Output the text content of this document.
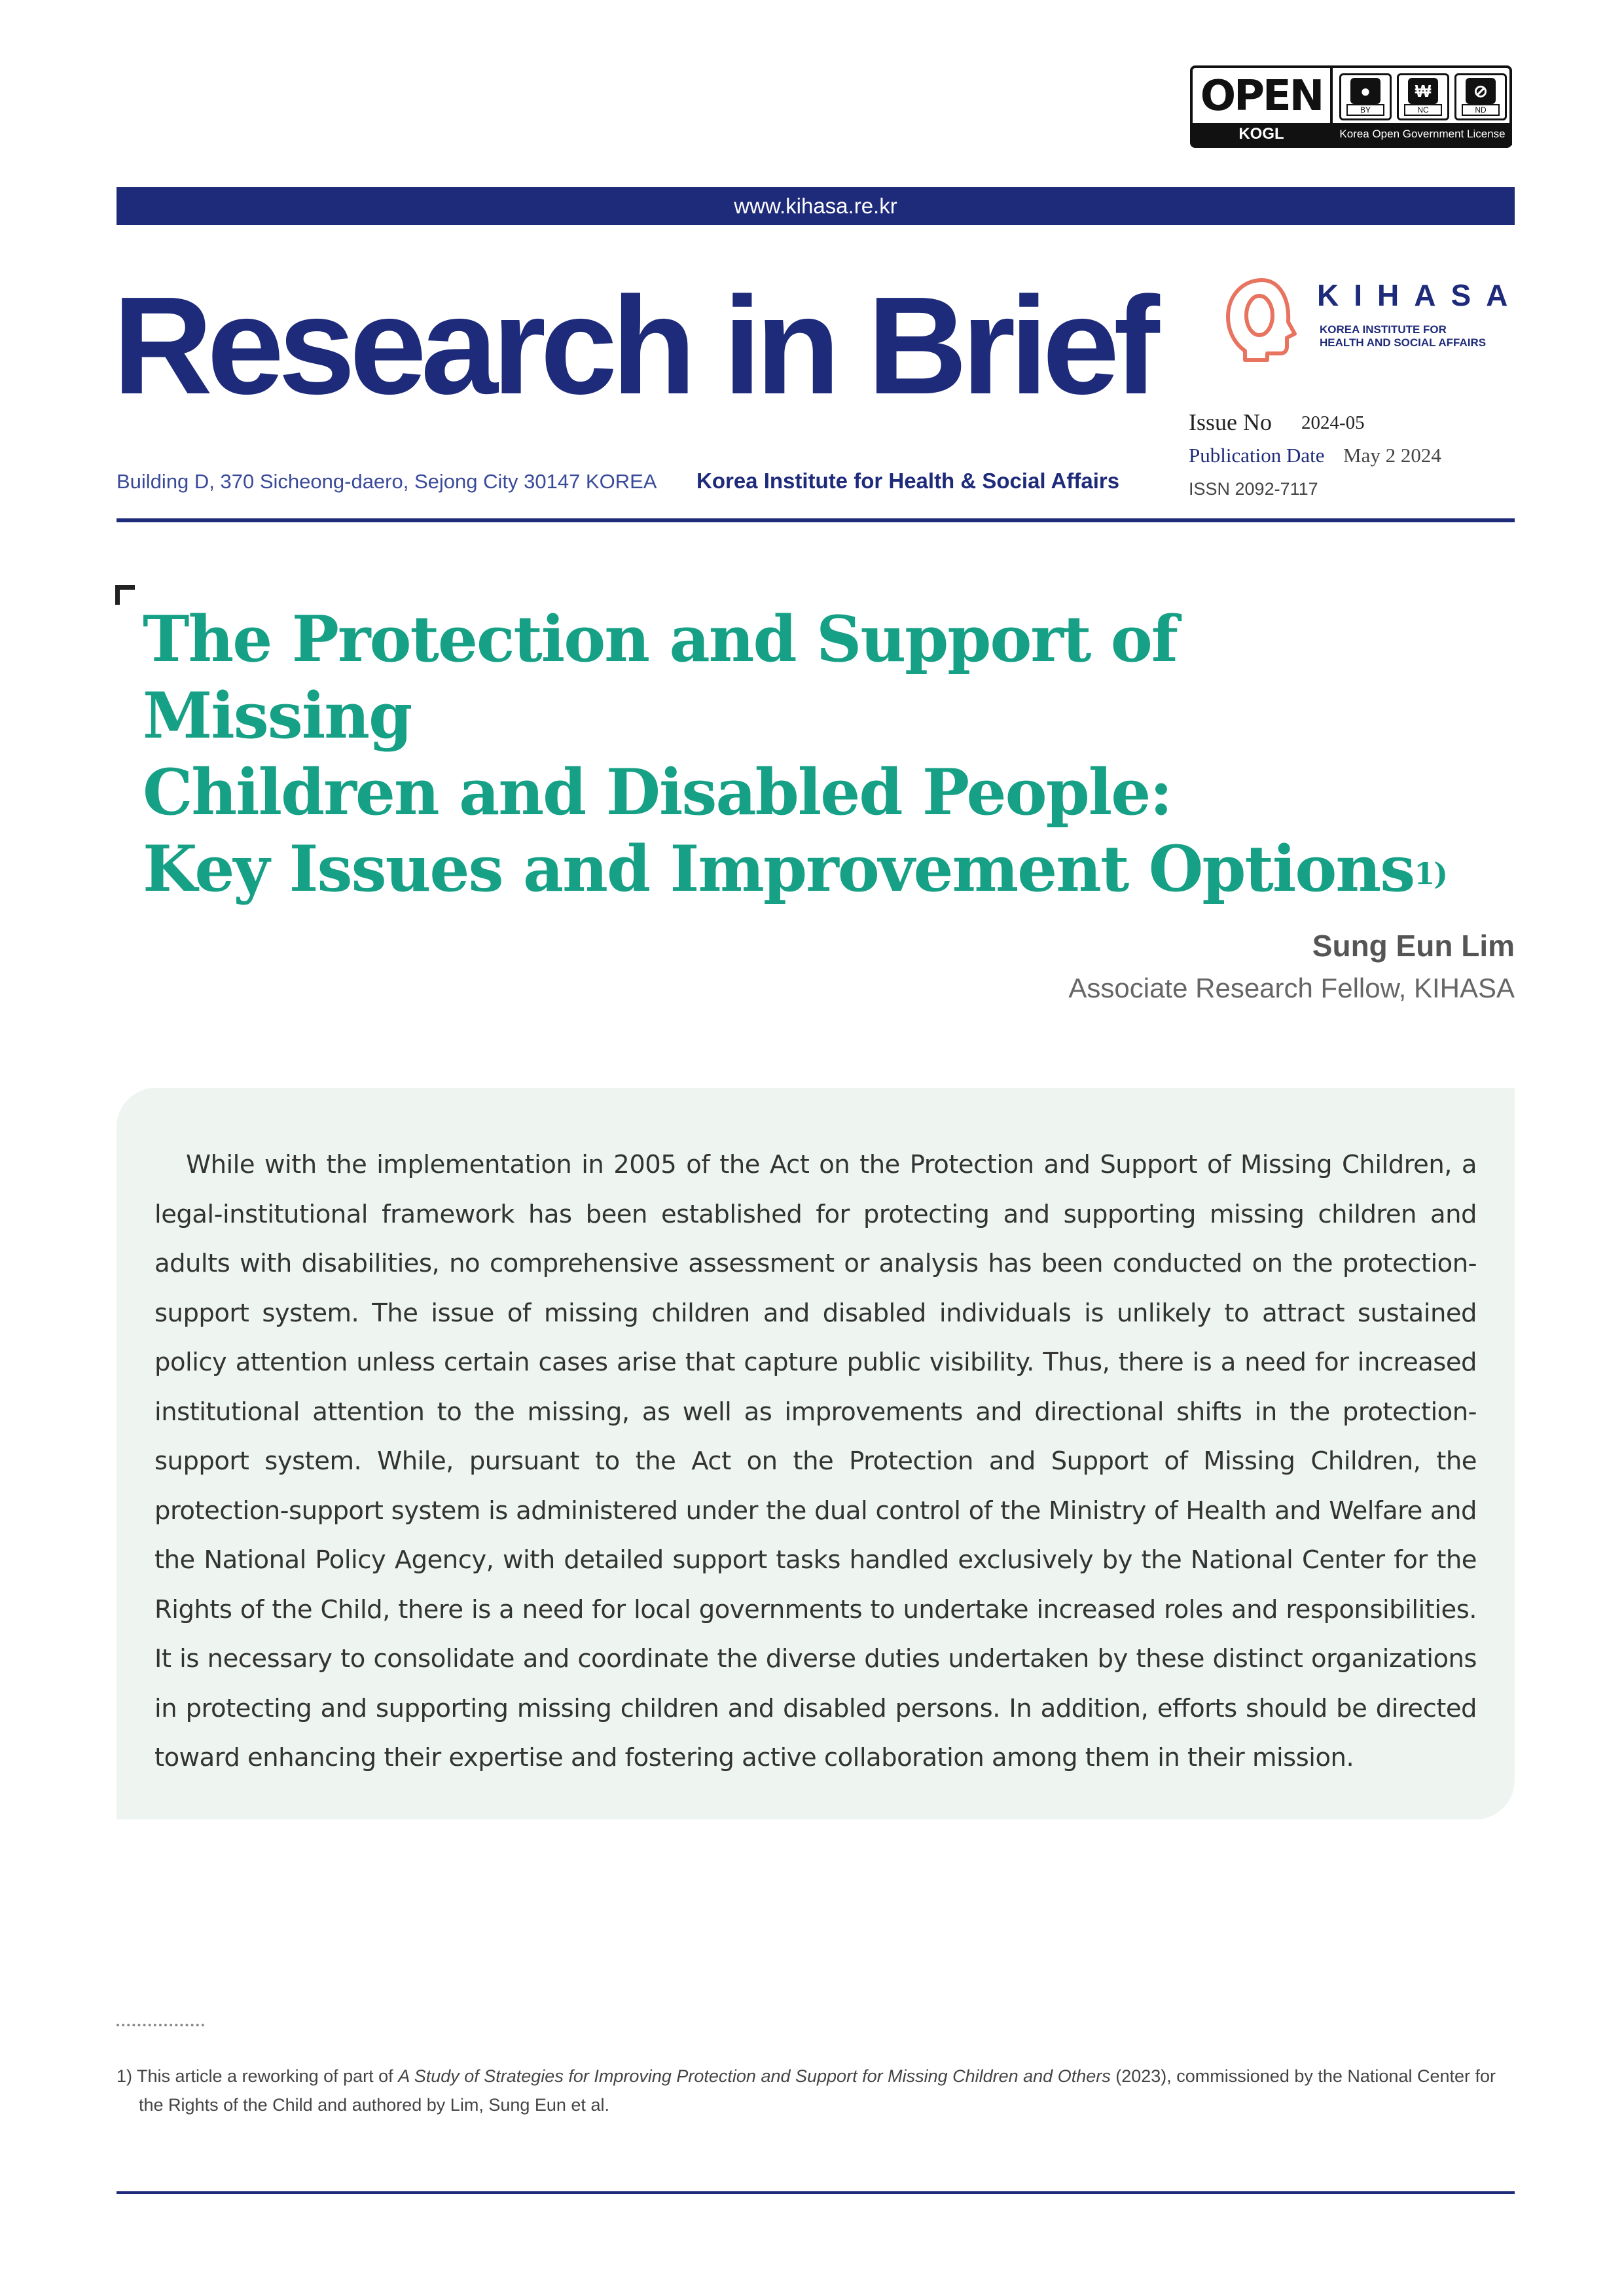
OPEN	●
BY
₩
NC
⊘
ND
KOGL	Korea Open Government License
www.kihasa.re.kr
Research in Brief	KIHASA
KOREA INSTITUTE FOR
HEALTH AND SOCIAL AFFAIRS
Issue No 2024-05
Publication Date May 2 2024
ISSN 2092-7117
Building D, 370 Sicheong-daero, Sejong City 30147 KOREA Korea Institute for Health & Social Affairs
The Protection and Support of Missing
Children and Disabled People:
Key Issues and Improvement Options$^{1)}$
Sung Eun Lim
Associate Research Fellow, KIHASA

While with the implementation in 2005 of the Act on the Protection and Support of Missing Children, a legal-institutional framework has been established for protecting and supporting missing children and adults with disabilities, no comprehensive assessment or analysis has been conducted on the protection-support system. The issue of missing children and disabled individuals is unlikely to attract sustained policy attention unless certain cases arise that capture public visibility. Thus, there is a need for increased institutional attention to the missing, as well as improvements and directional shifts in the protection-support system. While, pursuant to the Act on the Protection and Support of Missing Children, the protection-support system is administered under the dual control of the Ministry of Health and Welfare and the National Policy Agency, with detailed support tasks handled exclusively by the National Center for the Rights of the Child, there is a need for local governments to undertake increased roles and responsibilities. It is necessary to consolidate and coordinate the diverse duties undertaken by these distinct organizations in protecting and supporting missing children and disabled persons. In addition, efforts should be directed toward enhancing their expertise and fostering active collaboration among them in their mission.

1) This article a reworking of part of A Study of Strategies for Improving Protection and Support for Missing Children and Others (2023), commissioned by the National Center for the Rights of the Child and authored by Lim, Sung Eun et al.
